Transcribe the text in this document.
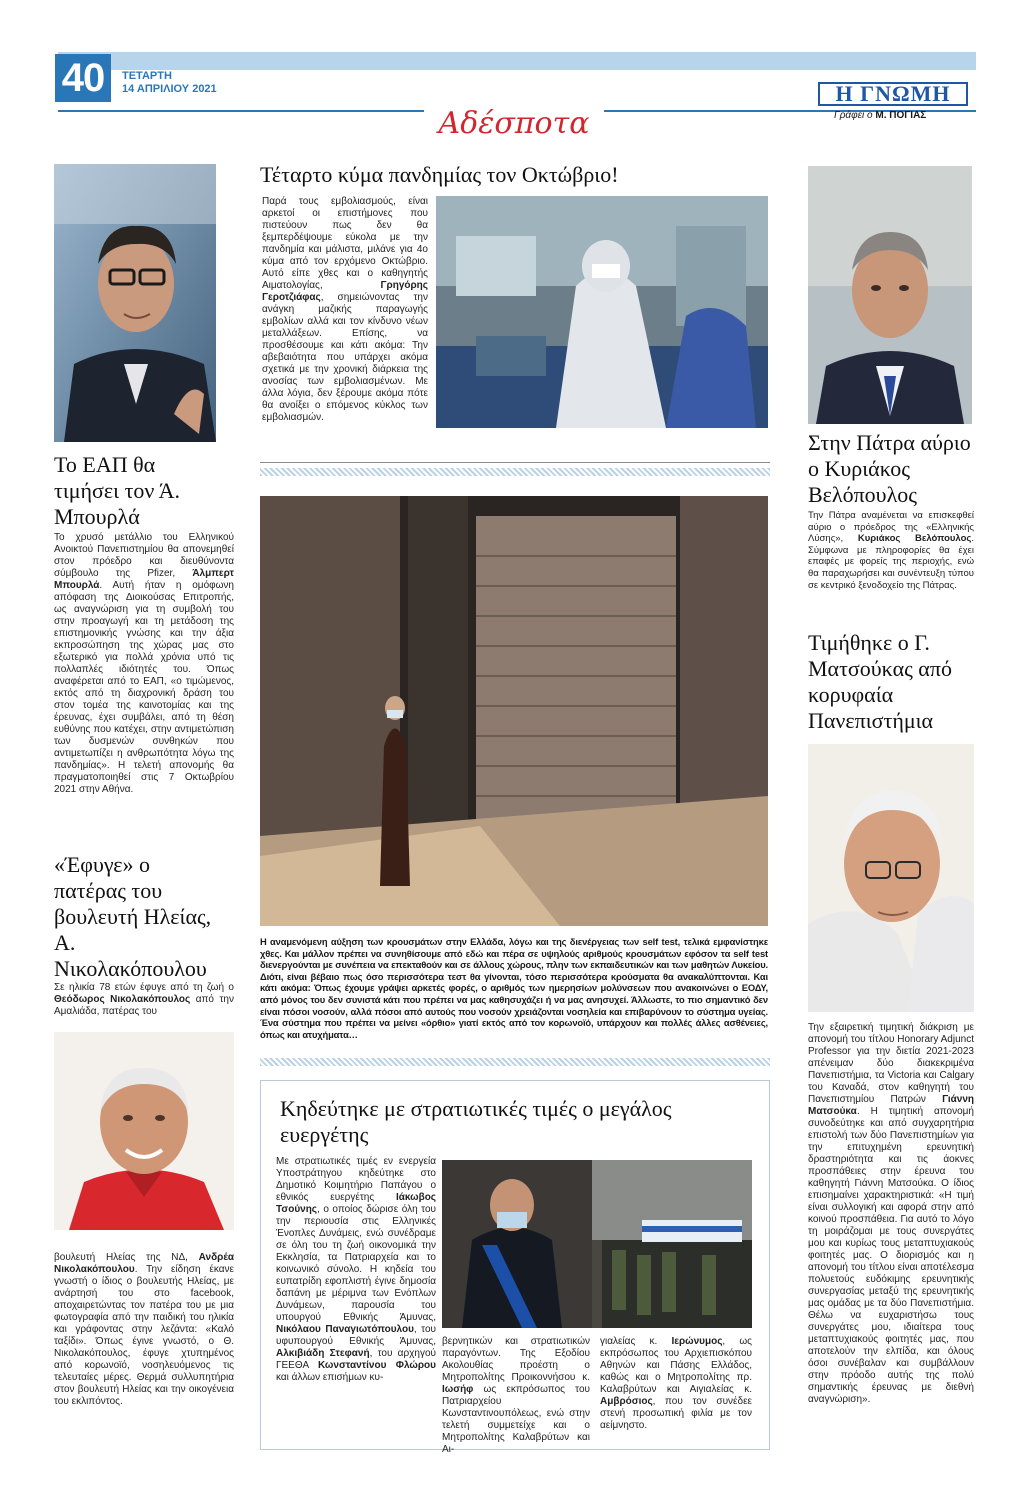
40	ΤΕΤΑΡΤΗ
14 ΑΠΡΙΛΙΟΥ 2021
Αδέσποτα
Η ΓΝΩΜΗ
Γράφει ο Μ. ΠΟΓΙΑΣ
Το ΕΑΠ θα τιμήσει τον Ά. Μπουρλά
Το χρυσό μετάλλιο του Ελληνικού Ανοικτού Πανεπιστημίου θα απονεμηθεί στον πρόεδρο και διευθύνοντα σύμβουλο της Pfizer, Άλμπερτ Μπουρλά. Αυτή ήταν η ομόφωνη απόφαση της Διοικούσας Επιτροπής, ως αναγνώριση για τη συμβολή του στην προαγωγή και τη μετάδοση της επιστημονικής γνώσης και την άξια εκπροσώπηση της χώρας μας στο εξωτερικό για πολλά χρόνια υπό τις πολλαπλές ιδιότητές του. Όπως αναφέρεται από το ΕΑΠ, «ο τιμώμενος, εκτός από τη διαχρονική δράση του στον τομέα της καινοτομίας και της έρευνας, έχει συμβάλει, από τη θέση ευθύνης που κατέχει, στην αντιμετώπιση των δυσμενών συνθηκών που αντιμετωπίζει η ανθρωπότητα λόγω της πανδημίας». Η τελετή απονομής θα πραγματοποιηθεί στις 7 Οκτωβρίου 2021 στην Αθήνα.
«Έφυγε» ο πατέρας του βουλευτή Ηλείας, Α. Νικολακόπουλου
Σε ηλικία 78 ετών έφυγε από τη ζωή ο Θεόδωρος Νικολακόπουλος από την Αμαλιάδα, πατέρας του
βουλευτή Ηλείας της ΝΔ, Ανδρέα Νικολακόπουλου. Την είδηση έκανε γνωστή ο ίδιος ο βουλευτής Ηλείας, με ανάρτησή του στο facebook, αποχαιρετώντας τον πατέρα του με μια φωτογραφία από την παιδική του ηλικία και γράφοντας στην λεζάντα: «Καλό ταξίδι». Όπως έγινε γνωστό, ο Θ. Νικολακόπουλος, έφυγε χτυπημένος από κορωνοϊό, νοσηλευόμενος τις τελευταίες μέρες. Θερμά συλλυπητήρια στον βουλευτή Ηλείας και την οικογένεια του εκλιπόντος.
Τέταρτο κύμα πανδημίας τον Οκτώβριο!
Παρά τους εμβολιασμούς, είναι αρκετοί οι επιστήμονες που πιστεύουν πως δεν θα ξεμπερδέψουμε εύκολα με την πανδημία και μάλιστα, μιλάνε για 4ο κύμα από τον ερχόμενο Οκτώβριο. Αυτό είπε χθες και ο καθηγητής Αιματολογίας, Γρηγόρης Γεροτζιάφας, σημειώνοντας την ανάγκη μαζικής παραγωγής εμβολίων αλλά και τον κίνδυνο νέων μεταλλάξεων. Επίσης, να προσθέσουμε και κάτι ακόμα: Την αβεβαιότητα που υπάρχει ακόμα σχετικά με την χρονική διάρκεια της ανοσίας των εμβολιασμένων. Με άλλα λόγια, δεν ξέρουμε ακόμα πότε θα ανοίξει ο επόμενος κύκλος των εμβολιασμών.
Η αναμενόμενη αύξηση των κρουσμάτων στην Ελλάδα, λόγω και της διενέργειας των self test, τελικά εμφανίστηκε χθες. Και μάλλον πρέπει να συνηθίσουμε από εδώ και πέρα σε υψηλούς αριθμούς κρουσμάτων εφόσον τα self test διενεργούνται με συνέπεια να επεκταθούν και σε άλλους χώρους, πλην των εκπαιδευτικών και των μαθητών Λυκείου. Διότι, είναι βέβαιο πως όσο περισσότερα τεστ θα γίνονται, τόσο περισσότερα κρούσματα θα ανακαλύπτονται. Και κάτι ακόμα: Όπως έχουμε γράψει αρκετές φορές, ο αριθμός των ημερησίων μολύνσεων που ανακοινώνει ο ΕΟΔΥ, από μόνος του δεν συνιστά κάτι που πρέπει να μας καθησυχάζει ή να μας ανησυχεί. Άλλωστε, το πιο σημαντικό δεν είναι πόσοι νοσούν, αλλά πόσοι από αυτούς που νοσούν χρειάζονται νοσηλεία και επιβαρύνουν το σύστημα υγείας. Ένα σύστημα που πρέπει να μείνει «όρθιο» γιατί εκτός από τον κορωνοϊό, υπάρχουν και πολλές άλλες ασθένειες, όπως και ατυχήματα…
Κηδεύτηκε με στρατιωτικές τιμές ο μεγάλος ευεργέτης
Με στρατιωτικές τιμές εν ενεργεία Υποστράτηγου κηδεύτηκε στο Δημοτικό Κοιμητήριο Παπάγου ο εθνικός ευεργέτης Ιάκωβος Τσούνης, ο οποίος δώρισε όλη του την περιουσία στις Ελληνικές Ένοπλες Δυνάμεις, ενώ συνέδραμε σε όλη του τη ζωή οικονομικά την Εκκλησία, τα Πατριαρχεία και το κοινωνικό σύνολο. Η κηδεία του ευπατρίδη εφοπλιστή έγινε δημοσία δαπάνη με μέριμνα των Ενόπλων Δυνάμεων, παρουσία του υπουργού Εθνικής Άμυνας, Νικόλαου Παναγιωτόπουλου, του υφυπουργού Εθνικής Άμυνας, Αλκιβιάδη Στεφανή, του αρχηγού ΓΕΕΘΑ Κωνσταντίνου Φλώρου και άλλων επισήμων κυ-
βερνητικών και στρατιωτικών παραγόντων. Της Εξοδίου Ακολουθίας προέστη ο Μητροπολίτης Προικοννήσου κ. Ιωσήφ ως εκπρόσωπος του Πατριαρχείου Κωνσταντινουπόλεως, ενώ στην τελετή συμμετείχε και ο Μητροπολίτης Καλαβρύτων και Αι-
γιαλείας κ. Ιερώνυμος, ως εκπρόσωπος του Αρχιεπισκόπου Αθηνών και Πάσης Ελλάδος, καθώς και ο Μητροπολίτης πρ. Καλαβρύτων και Αιγιαλείας κ. Αμβρόσιος, που τον συνέδεε στενή προσωπική φιλία με τον αείμνηστο.
Στην Πάτρα αύριο ο Κυριάκος Βελόπουλος
Την Πάτρα αναμένεται να επισκεφθεί αύριο ο πρόεδρος της «Ελληνικής Λύσης», Κυριάκος Βελόπουλος. Σύμφωνα με πληροφορίες θα έχει επαφές με φορείς της περιοχής, ενώ θα παραχωρήσει και συνέντευξη τύπου σε κεντρικό ξενοδοχείο της Πάτρας.
Τιμήθηκε ο Γ. Ματσούκας από κορυφαία Πανεπιστήμια
Την εξαιρετική τιμητική διάκριση με απονομή του τίτλου Honorary Adjunct Professor για την διετία 2021-2023 απένειμαν δύο διακεκριμένα Πανεπιστήμια, τα Victoria και Calgary του Καναδά, στον καθηγητή του Πανεπιστημίου Πατρών Γιάννη Ματσούκα. Η τιμητική απονομή συνοδεύτηκε και από συγχαρητήρια επιστολή των δύο Πανεπιστημίων για την επιτυχημένη ερευνητική δραστηριότητα και τις άοκνες προσπάθειες στην έρευνα του καθηγητή Γιάννη Ματσούκα. Ο ίδιος επισημαίνει χαρακτηριστικά: «Η τιμή είναι συλλογική και αφορά στην από κοινού προσπάθεια. Για αυτό το λόγο τη μοιράζομαι με τους συνεργάτες μου και κυρίως τους μεταπτυχιακούς φοιτητές μας. Ο διορισμός και η απονομή του τίτλου είναι αποτέλεσμα πολυετούς ευδόκιμης ερευνητικής συνεργασίας μεταξύ της ερευνητικής μας ομάδας με τα δύο Πανεπιστήμια. Θέλω να ευχαριστήσω τους συνεργάτες μου, ιδιαίτερα τους μεταπτυχιακούς φοιτητές μας, που αποτελούν την ελπίδα, και όλους όσοι συνέβαλαν και συμβάλλουν στην πρόοδο αυτής της πολύ σημαντικής έρευνας με διεθνή αναγνώριση».
